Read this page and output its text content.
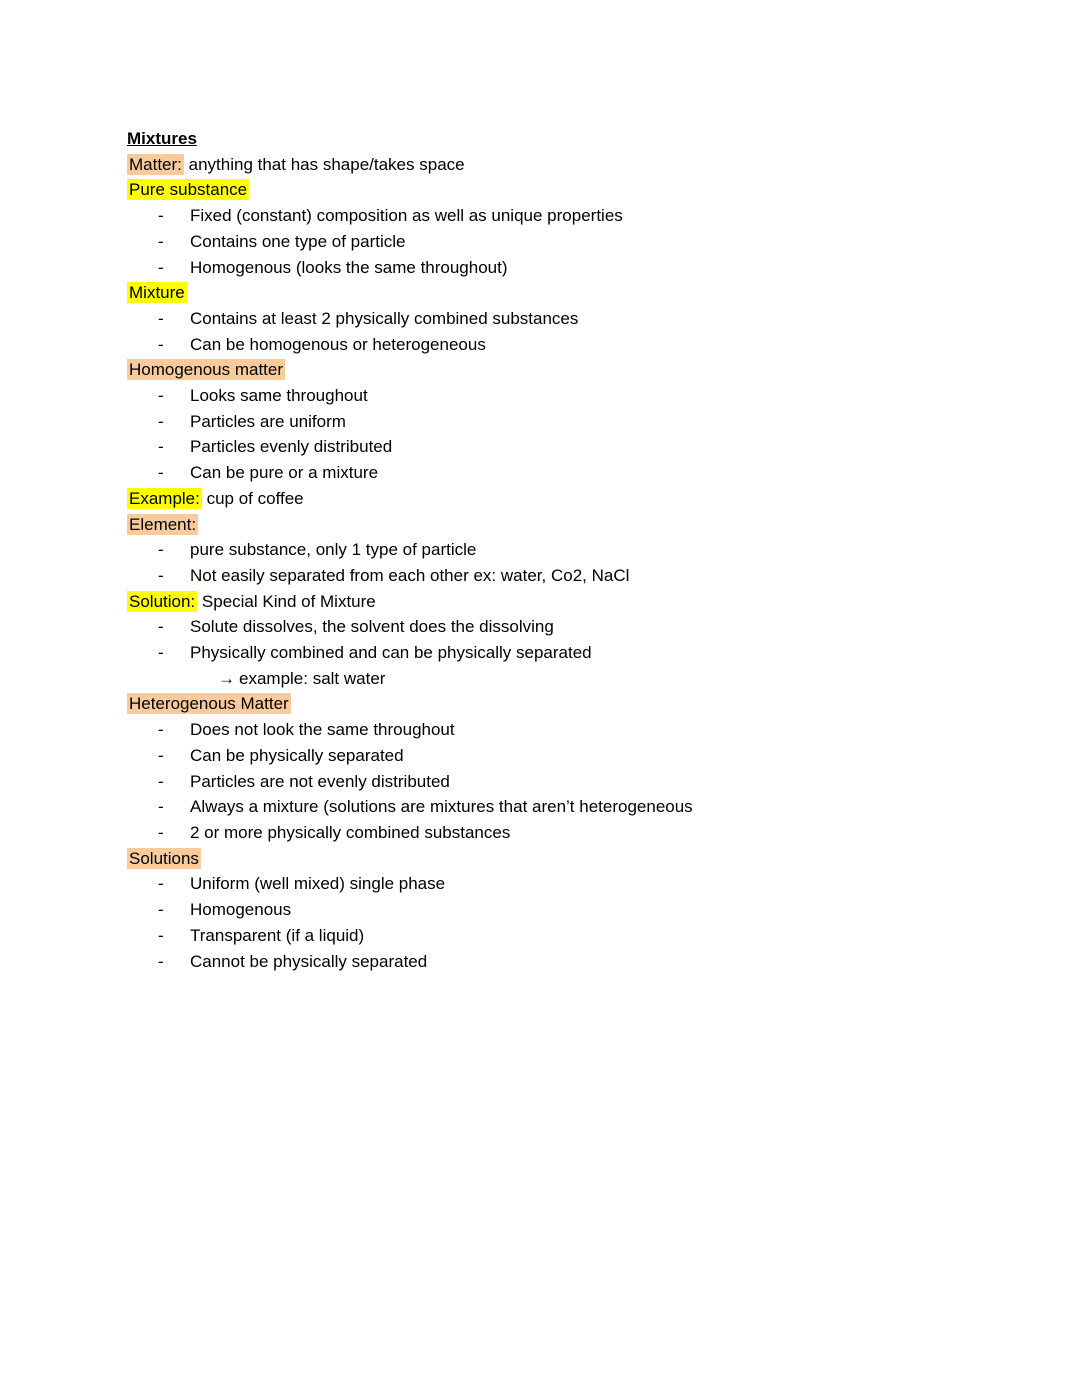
Mixtures
Matter: anything that has shape/takes space
Pure substance
- Fixed (constant) composition as well as unique properties
- Contains one type of particle
- Homogenous (looks the same throughout)
Mixture
- Contains at least 2 physically combined substances
- Can be homogenous or heterogeneous
Homogenous matter
- Looks same throughout
- Particles are uniform
- Particles evenly distributed
- Can be pure or a mixture
Example: cup of coffee
Element:
- pure substance, only 1 type of particle
- Not easily separated from each other ex: water, Co2, NaCl
Solution: Special Kind of Mixture
- Solute dissolves, the solvent does the dissolving
- Physically combined and can be physically separated
→ example: salt water
Heterogenous Matter
- Does not look the same throughout
- Can be physically separated
- Particles are not evenly distributed
- Always a mixture (solutions are mixtures that aren’t heterogeneous
- 2 or more physically combined substances
Solutions
- Uniform (well mixed) single phase
- Homogenous
- Transparent (if a liquid)
- Cannot be physically separated
